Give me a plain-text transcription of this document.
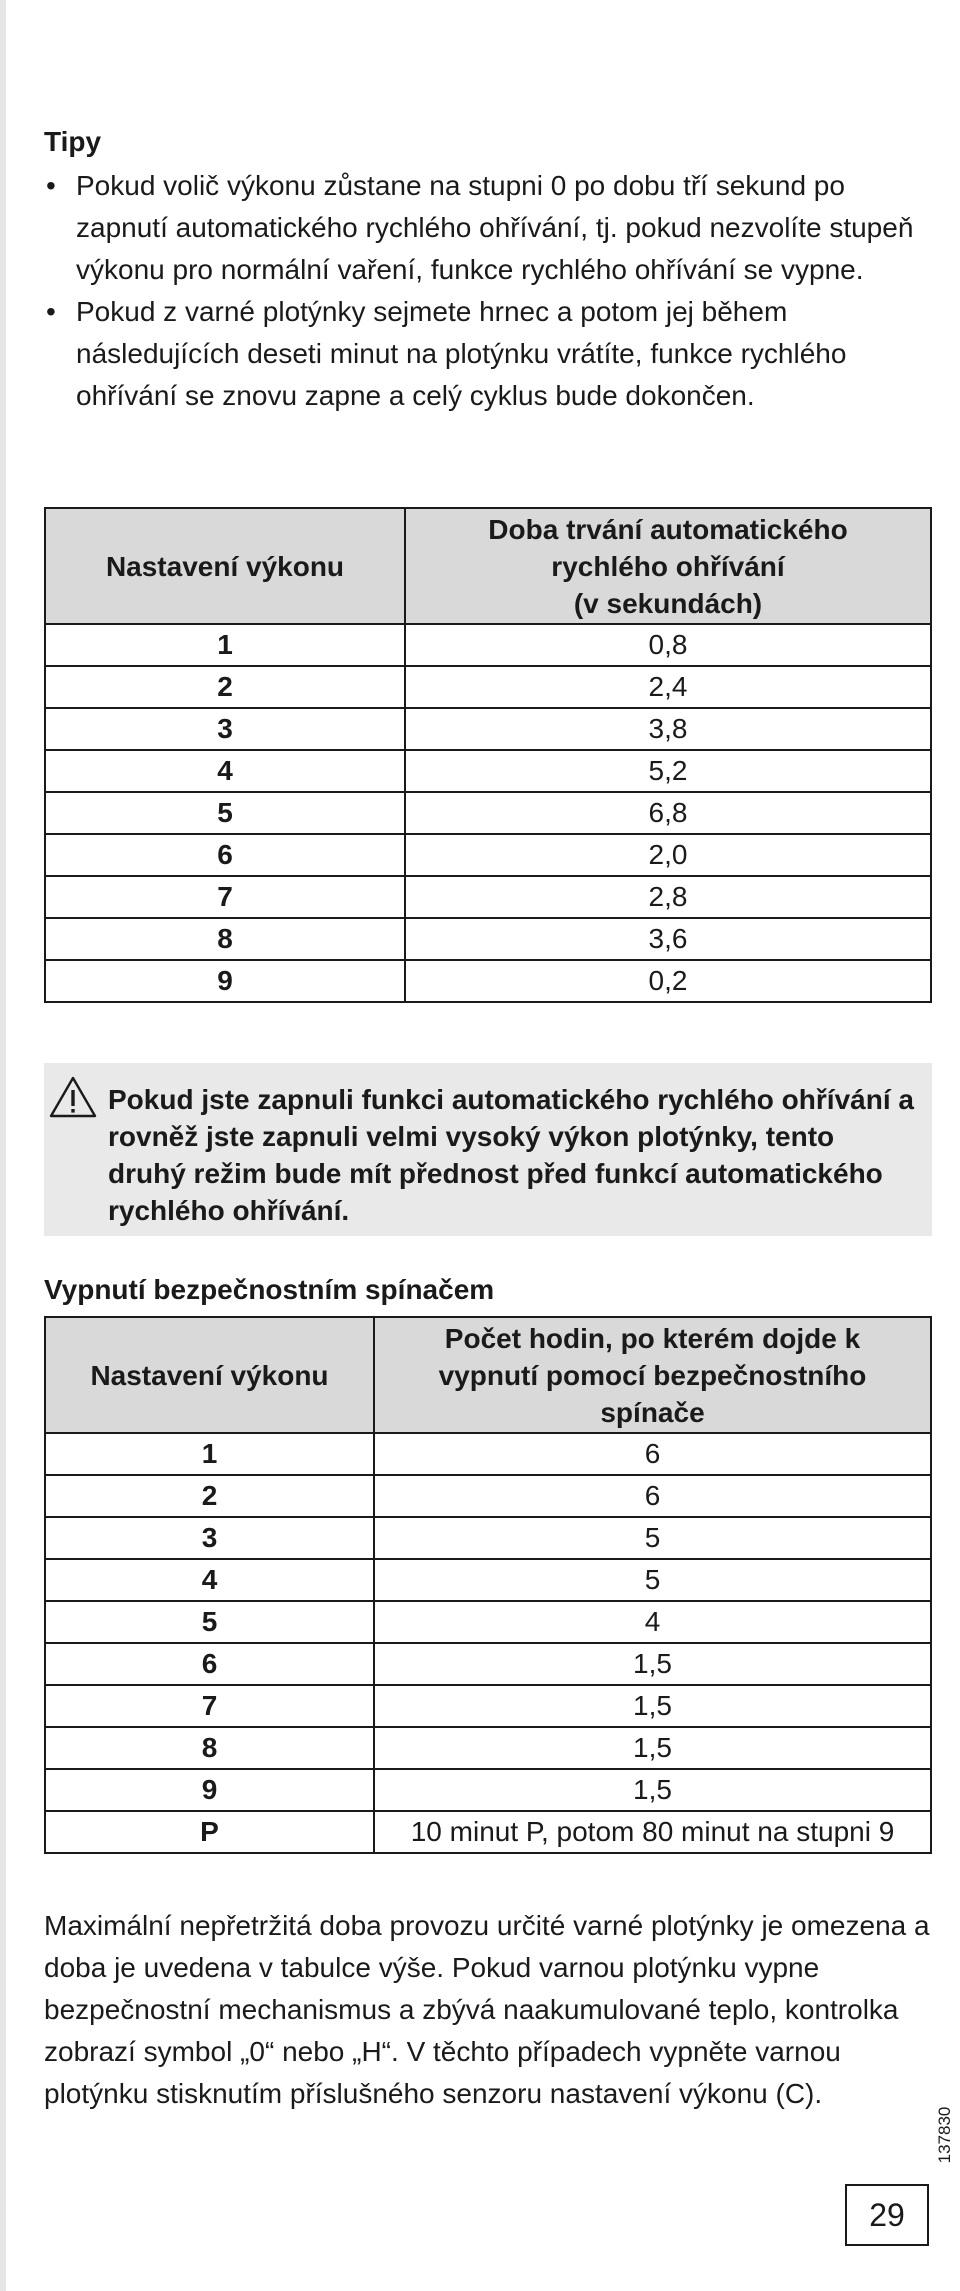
Tipy
• Pokud volič výkonu zůstane na stupni 0 po dobu tří sekund po zapnutí automatického rychlého ohřívání, tj. pokud nezvolíte stupeň výkonu pro normální vaření, funkce rychlého ohřívání se vypne.
• Pokud z varné plotýnky sejmete hrnec a potom jej během následujících deseti minut na plotýnku vrátíte, funkce rychlého ohřívání se znovu zapne a celý cyklus bude dokončen.
Nastavení výkonu	Doba trvání automatického
rychlého ohřívání
(v sekundách)
1	0,8
2	2,4
3	3,8
4	5,2
5	6,8
6	2,0
7	2,8
8	3,6
9	0,2
Pokud jste zapnuli funkci automatického rychlého ohřívání a rovněž jste zapnuli velmi vysoký výkon plotýnky, tento druhý režim bude mít přednost před funkcí automatického rychlého ohřívání.
Vypnutí bezpečnostním spínačem
Nastavení výkonu	Počet hodin, po kterém dojde k
vypnutí pomocí bezpečnostního
spínače
1	6
2	6
3	5
4	5
5	4
6	1,5
7	1,5
8	1,5
9	1,5
P	10 minut P, potom 80 minut na stupni 9

Maximální nepřetržitá doba provozu určité varné plotýnky je omezena a doba je uvedena v tabulce výše. Pokud varnou plotýnku vypne bezpečnostní mechanismus a zbývá naakumulované teplo, kontrolka zobrazí symbol „0“ nebo „H“. V těchto případech vypněte varnou plotýnku stisknutím příslušného senzoru nastavení výkonu (C).

137830
29
